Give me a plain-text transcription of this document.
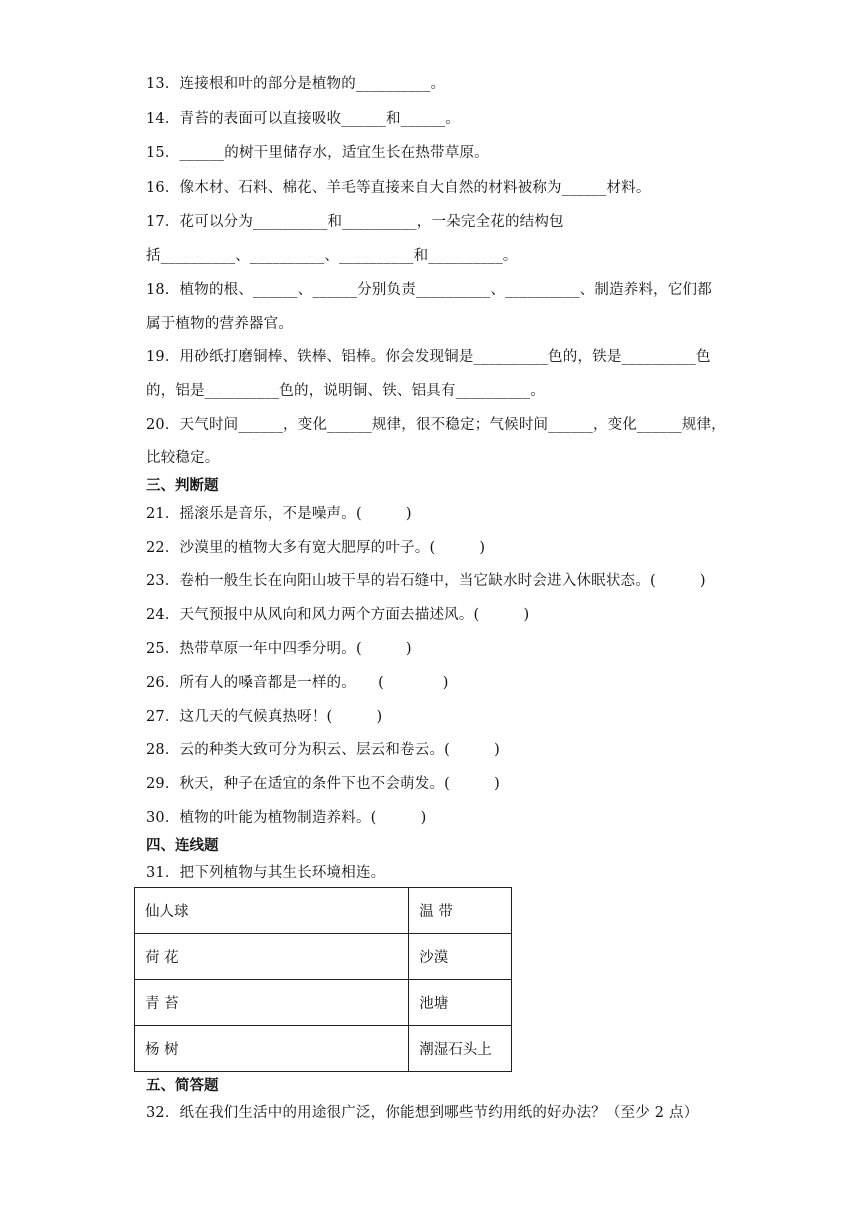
13．连接根和叶的部分是植物的__________。
14．青苔的表面可以直接吸收______和______。
15．______的树干里储存水，适宜生长在热带草原。
16．像木材、石料、棉花、羊毛等直接来自大自然的材料被称为______材料。
17．花可以分为__________和__________，一朵完全花的结构包
括__________、__________、__________和__________。
18．植物的根、______、______分别负责__________、__________、制造养料，它们都
属于植物的营养器官。
19．用砂纸打磨铜棒、铁棒、铝棒。你会发现铜是__________色的，铁是__________色
的，铝是__________色的，说明铜、铁、铝具有__________。
20．天气时间______，变化______规律，很不稳定；气候时间______，变化______规律，
比较稳定。
三、判断题
21．摇滚乐是音乐，不是噪声。(　　　)
22．沙漠里的植物大多有宽大肥厚的叶子。(　　　)
23．卷柏一般生长在向阳山坡干旱的岩石缝中，当它缺水时会进入休眠状态。(　　　)
24．天气预报中从风向和风力两个方面去描述风。(　　　)
25．热带草原一年中四季分明。(　　　)
26．所有人的嗓音都是一样的。　　(　　　　)
27．这几天的气候真热呀！(　　　)
28．云的种类大致可分为积云、层云和卷云。(　　　)
29．秋天，种子在适宜的条件下也不会萌发。(　　　)
30．植物的叶能为植物制造养料。(　　　)
四、连线题
31．把下列植物与其生长环境相连。
仙人球	温 带
荷 花	沙漠
青 苔	池塘
杨 树	潮湿石头上
五、简答题
32．纸在我们生活中的用途很广泛，你能想到哪些节约用纸的好办法？（至少 2 点）
